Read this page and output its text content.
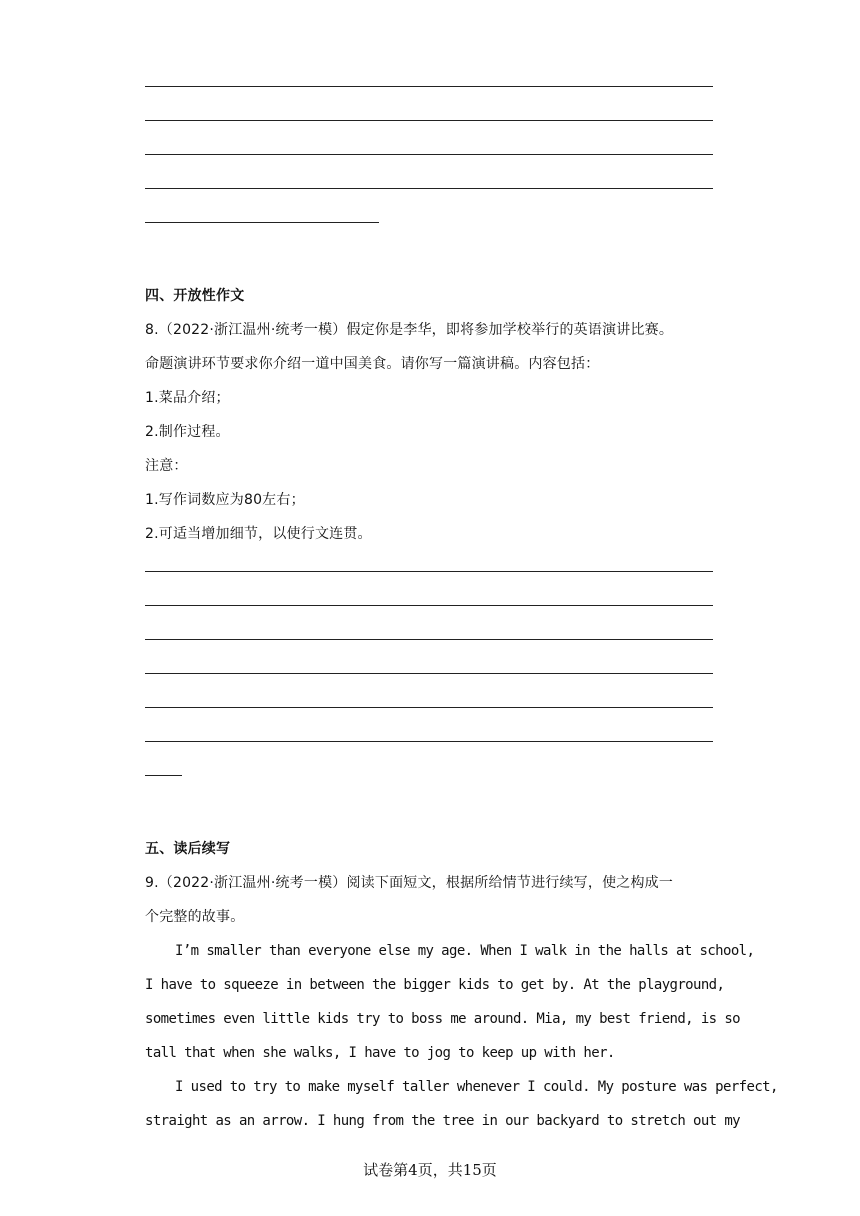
四、开放性作文
8.（2022·浙江温州·统考一模）假定你是李华，即将参加学校举行的英语演讲比赛。
命题演讲环节要求你介绍一道中国美食。请你写一篇演讲稿。内容包括：
1.菜品介绍；
2.制作过程。
注意：
1.写作词数应为80左右；
2.可适当增加细节，以使行文连贯。
五、读后续写
9.（2022·浙江温州·统考一模）阅读下面短文，根据所给情节进行续写，使之构成一
个完整的故事。
I’m smaller than everyone else my age. When I walk in the halls at school,
I have to squeeze in between the bigger kids to get by. At the playground,
sometimes even little kids try to boss me around. Mia, my best friend, is so
tall that when she walks, I have to jog to keep up with her.
I used to try to make myself taller whenever I could. My posture was perfect,
straight as an arrow. I hung from the tree in our backyard to stretch out my
试卷第4页，共15页
